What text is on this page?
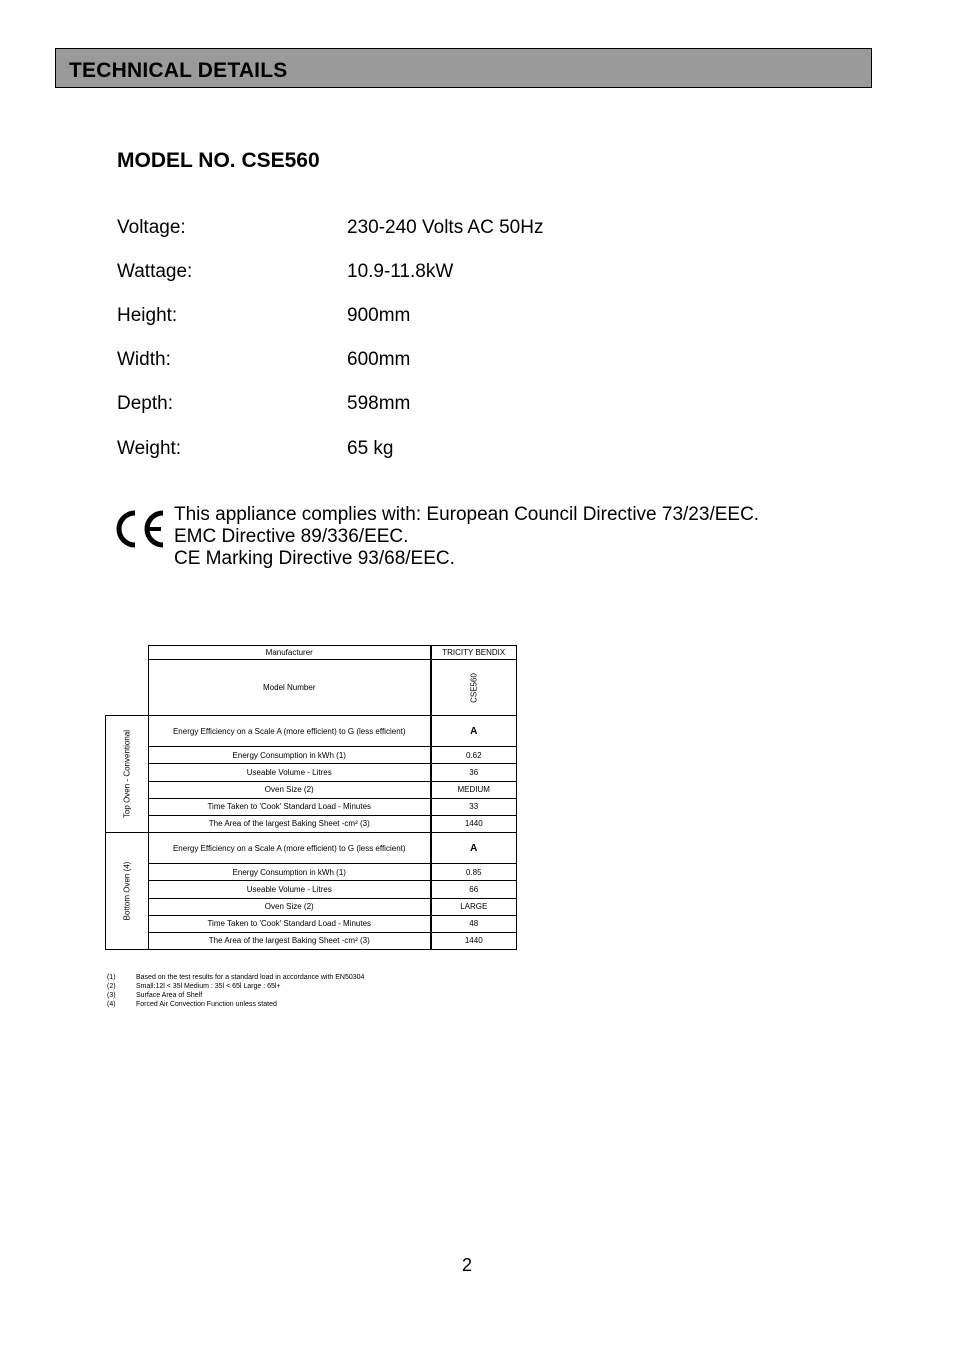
TECHNICAL DETAILS
MODEL NO. CSE560
Voltage:	230-240 Volts AC 50Hz
Wattage:	10.9-11.8kW
Height:	900mm
Width:	600mm
Depth:	598mm
Weight:	65 kg
This appliance complies with: European Council Directive 73/23/EEC.
EMC Directive 89/336/EEC.
CE Marking Directive 93/68/EEC.
	Manufacturer	TRICITY BENDIX
	Model Number	CSE560

Top Oven - Conventional	Energy Efficiency on a Scale A (more efficient) to G (less efficient)	A
	Energy Consumption in kWh (1)	0.62
	Useable Volume - Litres	36
	Oven Size (2)	MEDIUM
	Time Taken to 'Cook' Standard Load - Minutes	33
	The Area of the largest Baking Sheet -cm² (3)	1440

Bottom Oven (4)	Energy Efficiency on a Scale A (more efficient) to G (less efficient)	A
	Energy Consumption in kWh (1)	0.85
	Useable Volume - Litres	66
	Oven Size (2)	LARGE
	Time Taken to 'Cook' Standard Load - Minutes	48
	The Area of the largest Baking Sheet -cm² (3)	1440
(1)	Based on the test results for a standard load in accordance with EN50304
(2)	Small:12l < 35l Medium : 35l < 65l Large : 65l+
(3)	Surface Area of Shelf
(4)	Forced Air Convection Function unless stated
2
